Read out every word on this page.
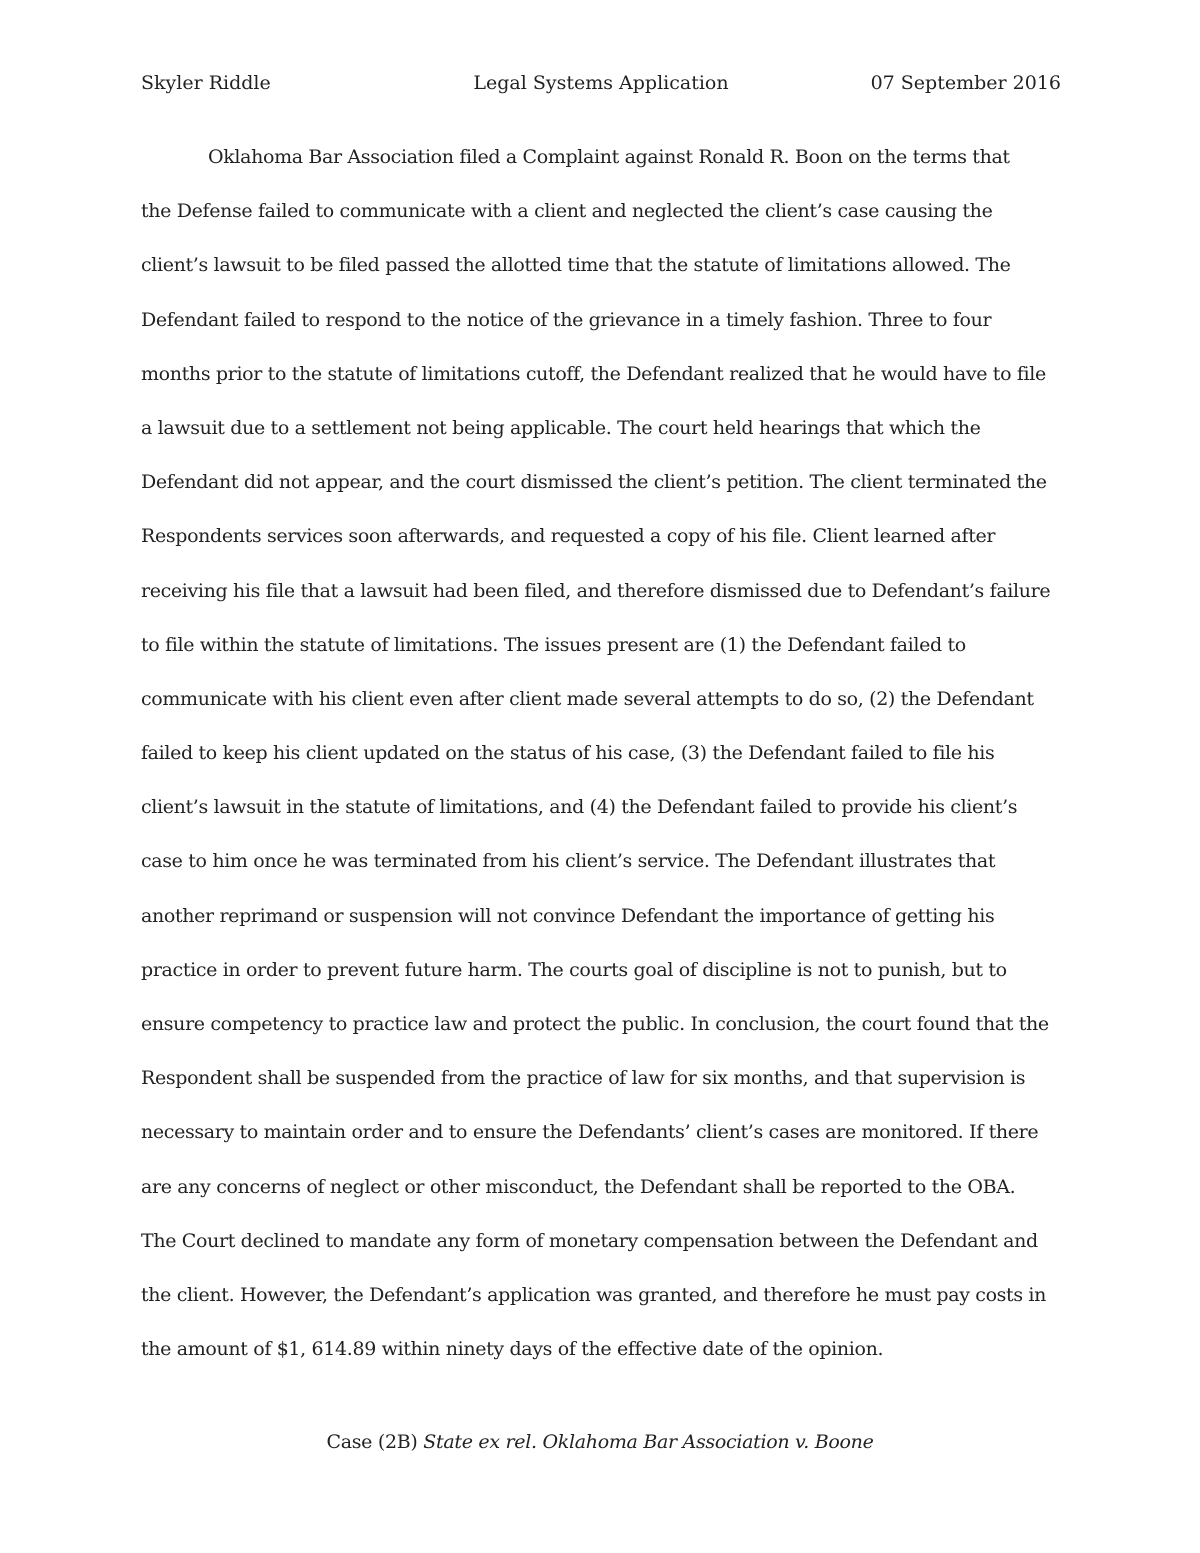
Skyler Riddle	Legal Systems Application	07 September 2016
Oklahoma Bar Association filed a Complaint against Ronald R. Boon on the terms that
the Defense failed to communicate with a client and neglected the client’s case causing the
client’s lawsuit to be filed passed the allotted time that the statute of limitations allowed. The
Defendant failed to respond to the notice of the grievance in a timely fashion. Three to four
months prior to the statute of limitations cutoff, the Defendant realized that he would have to file
a lawsuit due to a settlement not being applicable. The court held hearings that which the
Defendant did not appear, and the court dismissed the client’s petition. The client terminated the
Respondents services soon afterwards, and requested a copy of his file. Client learned after
receiving his file that a lawsuit had been filed, and therefore dismissed due to Defendant’s failure
to file within the statute of limitations. The issues present are (1) the Defendant failed to
communicate with his client even after client made several attempts to do so, (2) the Defendant
failed to keep his client updated on the status of his case, (3) the Defendant failed to file his
client’s lawsuit in the statute of limitations, and (4) the Defendant failed to provide his client’s
case to him once he was terminated from his client’s service. The Defendant illustrates that
another reprimand or suspension will not convince Defendant the importance of getting his
practice in order to prevent future harm. The courts goal of discipline is not to punish, but to
ensure competency to practice law and protect the public. In conclusion, the court found that the
Respondent shall be suspended from the practice of law for six months, and that supervision is
necessary to maintain order and to ensure the Defendants’ client’s cases are monitored. If there
are any concerns of neglect or other misconduct, the Defendant shall be reported to the OBA.
The Court declined to mandate any form of monetary compensation between the Defendant and
the client. However, the Defendant’s application was granted, and therefore he must pay costs in
the amount of $1, 614.89 within ninety days of the effective date of the opinion.
Case (2B) State ex rel. Oklahoma Bar Association v. Boone
